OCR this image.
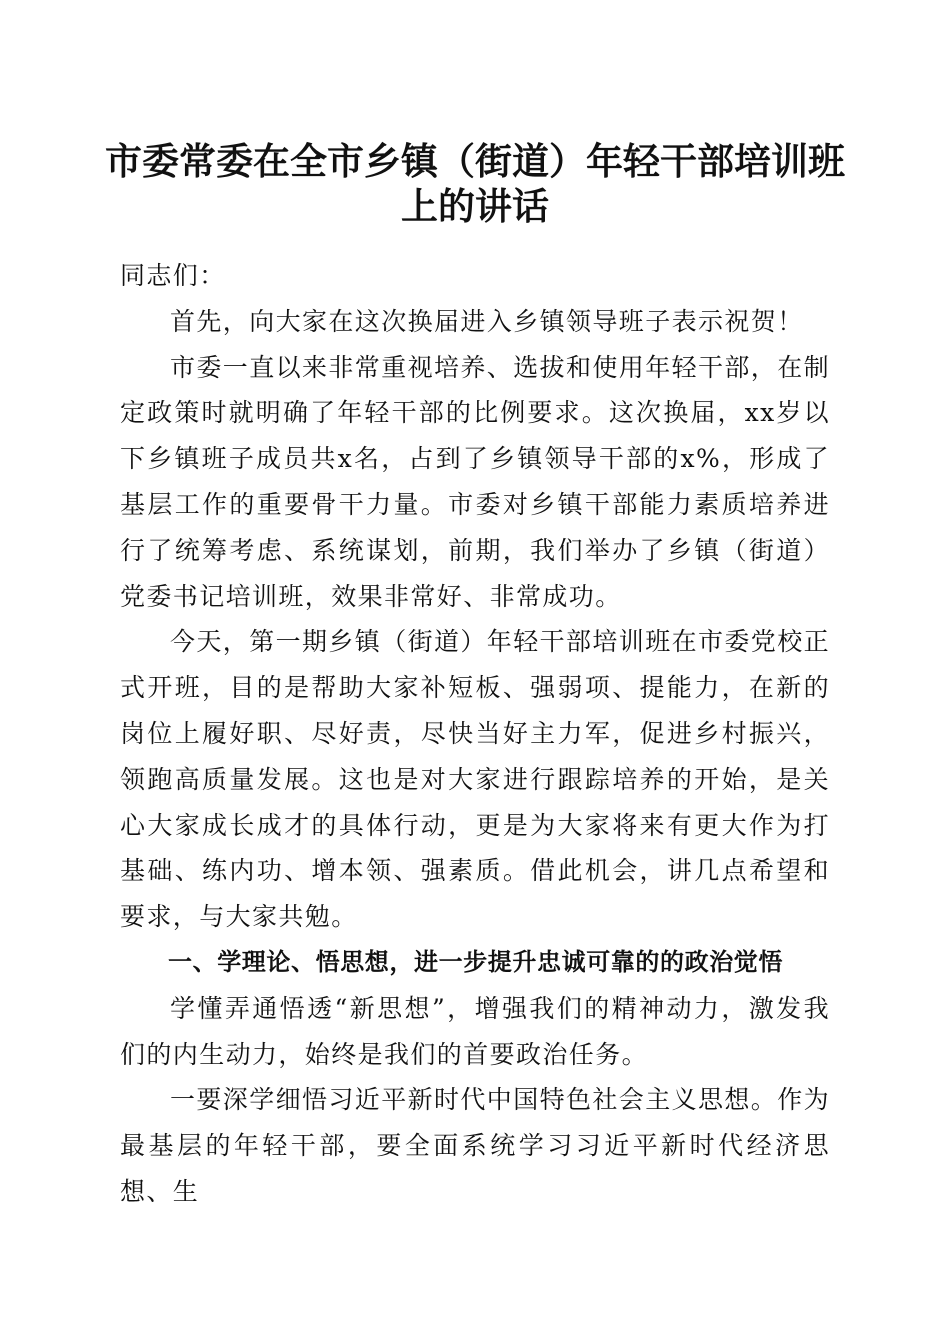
市委常委在全市乡镇（街道）年轻干部培训班
上的讲话

同志们：

首先，向大家在这次换届进入乡镇领导班子表示祝贺！

市委一直以来非常重视培养、选拔和使用年轻干部，在制定政策时就明确了年轻干部的比例要求。这次换届，xx岁以下乡镇班子成员共x名，占到了乡镇领导干部的x%，形成了基层工作的重要骨干力量。市委对乡镇干部能力素质培养进行了统筹考虑、系统谋划，前期，我们举办了乡镇（街道）党委书记培训班，效果非常好、非常成功。

今天，第一期乡镇（街道）年轻干部培训班在市委党校正式开班，目的是帮助大家补短板、强弱项、提能力，在新的岗位上履好职、尽好责，尽快当好主力军，促进乡村振兴，领跑高质量发展。这也是对大家进行跟踪培养的开始，是关心大家成长成才的具体行动，更是为大家将来有更大作为打基础、练内功、增本领、强素质。借此机会，讲几点希望和要求，与大家共勉。

一、学理论、悟思想，进一步提升忠诚可靠的的政治觉悟

学懂弄通悟透“新思想”，增强我们的精神动力，激发我们的内生动力，始终是我们的首要政治任务。

一要深学细悟习近平新时代中国特色社会主义思想。作为最基层的年轻干部，要全面系统学习习近平新时代经济思想、生
